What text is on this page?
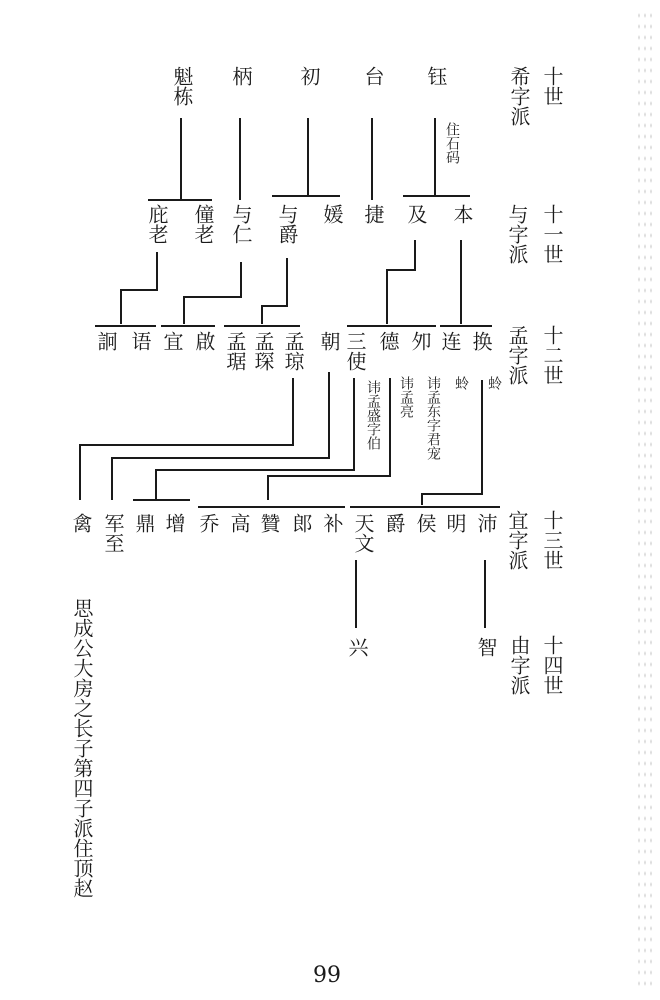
十世
希字派
十一世
与字派
十二世
孟字派
十三世
宜字派
十四世
由字派
魁栋 柄 初 台 钰
住石码
庇老 僮老 与仁 与爵 媛 捷 及 本
詗 语 宜 啟 孟琚 孟琛 孟琼 朝 三使 德 夘 连 换
讳孟盛字伯 讳孟亮 讳孟东字君宠 蛉 蛉
禽 军至 鼎 增 乔 高 贊 郎 补 天文 爵 侯 明 沛
兴	智
思成公大房之长子第四子派住顶赵
99
